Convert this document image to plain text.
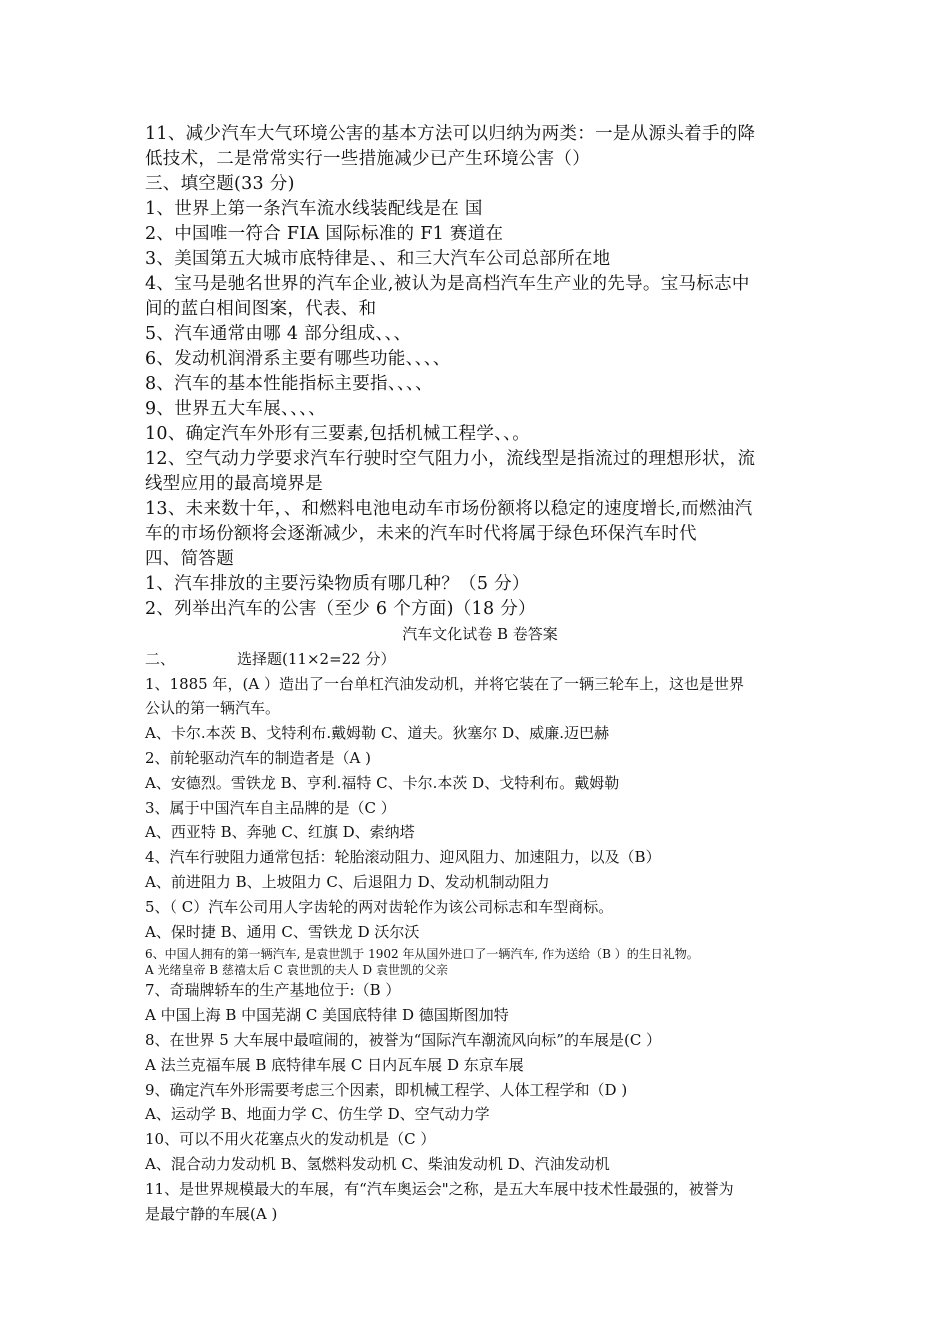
11、减少汽车大气环境公害的基本方法可以归纳为两类：一是从源头着手的降
低技术，二是常常实行一些措施减少已产生环境公害（）
三、填空题(33 分)
1、世界上第一条汽车流水线装配线是在 国
2、中国唯一符合 FIA 国际标准的 F1 赛道在
3、美国第五大城市底特律是、、和三大汽车公司总部所在地
4、宝马是驰名世界的汽车企业,被认为是高档汽车生产业的先导。宝马标志中
间的蓝白相间图案，代表、和
5、汽车通常由哪 4 部分组成、、、
6、发动机润滑系主要有哪些功能、、、、
8、汽车的基本性能指标主要指、、、、
9、世界五大车展、、、、
10、确定汽车外形有三要素,包括机械工程学、、。
12、空气动力学要求汽车行驶时空气阻力小，流线型是指流过的理想形状，流
线型应用的最高境界是
13、未来数十年，、和燃料电池电动车市场份额将以稳定的速度增长,而燃油汽
车的市场份额将会逐渐减少，未来的汽车时代将属于绿色环保汽车时代
四、简答题
1、汽车排放的主要污染物质有哪几种？（5 分）
2、列举出汽车的公害（至少 6 个方面)（18 分）
汽车文化试卷 B 卷答案
二、	选择题(11×2=22 分）
1、1885 年，(A ）造出了一台单杠汽油发动机，并将它装在了一辆三轮车上，这也是世界
公认的第一辆汽车。
A、卡尔.本茨 B、戈特利布.戴姆勒 C、道夫。狄塞尔 D、威廉.迈巴赫
2、前轮驱动汽车的制造者是（A )
A、安德烈。雪铁龙 B、亨利.福特 C、卡尔.本茨 D、戈特利布。戴姆勒
3、属于中国汽车自主品牌的是（C ）
A、西亚特 B、奔驰 C、红旗 D、索纳塔
4、汽车行驶阻力通常包括：轮胎滚动阻力、迎风阻力、加速阻力，以及（B）
A、前进阻力 B、上坡阻力 C、后退阻力 D、发动机制动阻力
5、（ C）汽车公司用人字齿轮的两对齿轮作为该公司标志和车型商标。
A、保时捷 B、通用 C、雪铁龙 D 沃尔沃
6、中国人拥有的第一辆汽车, 是袁世凯于 1902 年从国外进口了一辆汽车, 作为送给（B ）的生日礼物。
A 光绪皇帝 B 慈禧太后 C 袁世凯的夫人 D 袁世凯的父亲
7、奇瑞牌轿车的生产基地位于:（B ）
A 中国上海 B 中国芜湖 C 美国底特律 D 德国斯图加特
8、在世界 5 大车展中最喧闹的，被誉为“国际汽车潮流风向标”的车展是(C ）
A 法兰克福车展 B 底特律车展 C 日内瓦车展 D 东京车展
9、确定汽车外形需要考虑三个因素，即机械工程学、人体工程学和（D )
A、运动学 B、地面力学 C、仿生学 D、空气动力学
10、可以不用火花塞点火的发动机是（C ）
A、混合动力发动机 B、氢燃料发动机 C、柴油发动机 D、汽油发动机
11、是世界规模最大的车展，有“汽车奥运会"之称，是五大车展中技术性最强的，被誉为
是最宁静的车展(A )
